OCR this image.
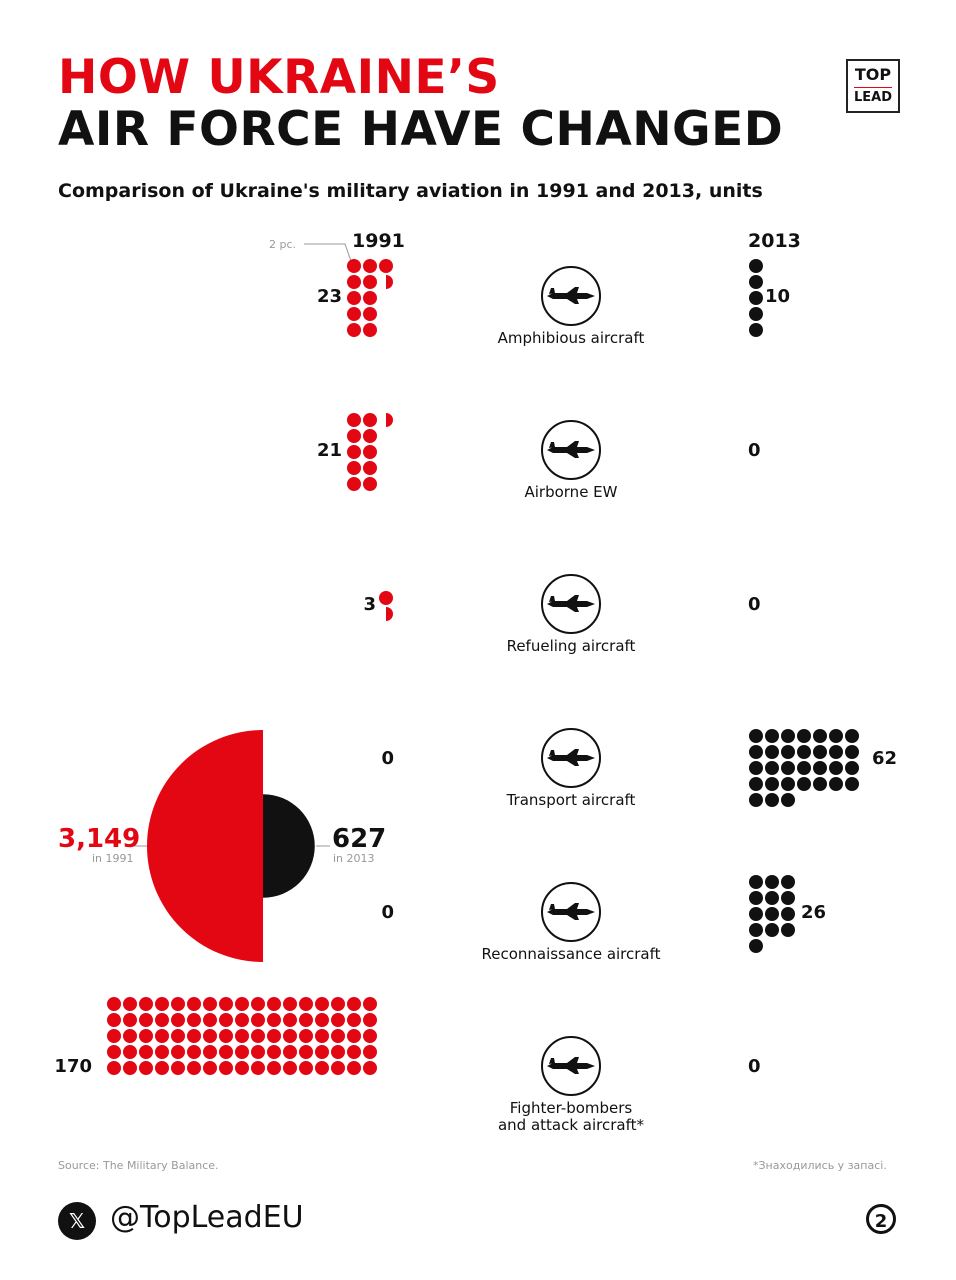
HOW UKRAINE’S
AIR FORCE HAVE CHANGED
Comparison of Ukraine's military aviation in 1991 and 2013, units
TOP
LEAD
1991	2013
2 pc.
Amphibious aircraft
23	10
Airborne EW
21	0
Refueling aircraft
3	0
Transport aircraft
0	62
Reconnaissance aircraft
0	26
Fighter-bombers
and attack aircraft*
170	0
3,149
in 1991
627
in 2013
Source: The Military Balance.	*Знаходились у запасі.
𝕏 @TopLeadEU	2
